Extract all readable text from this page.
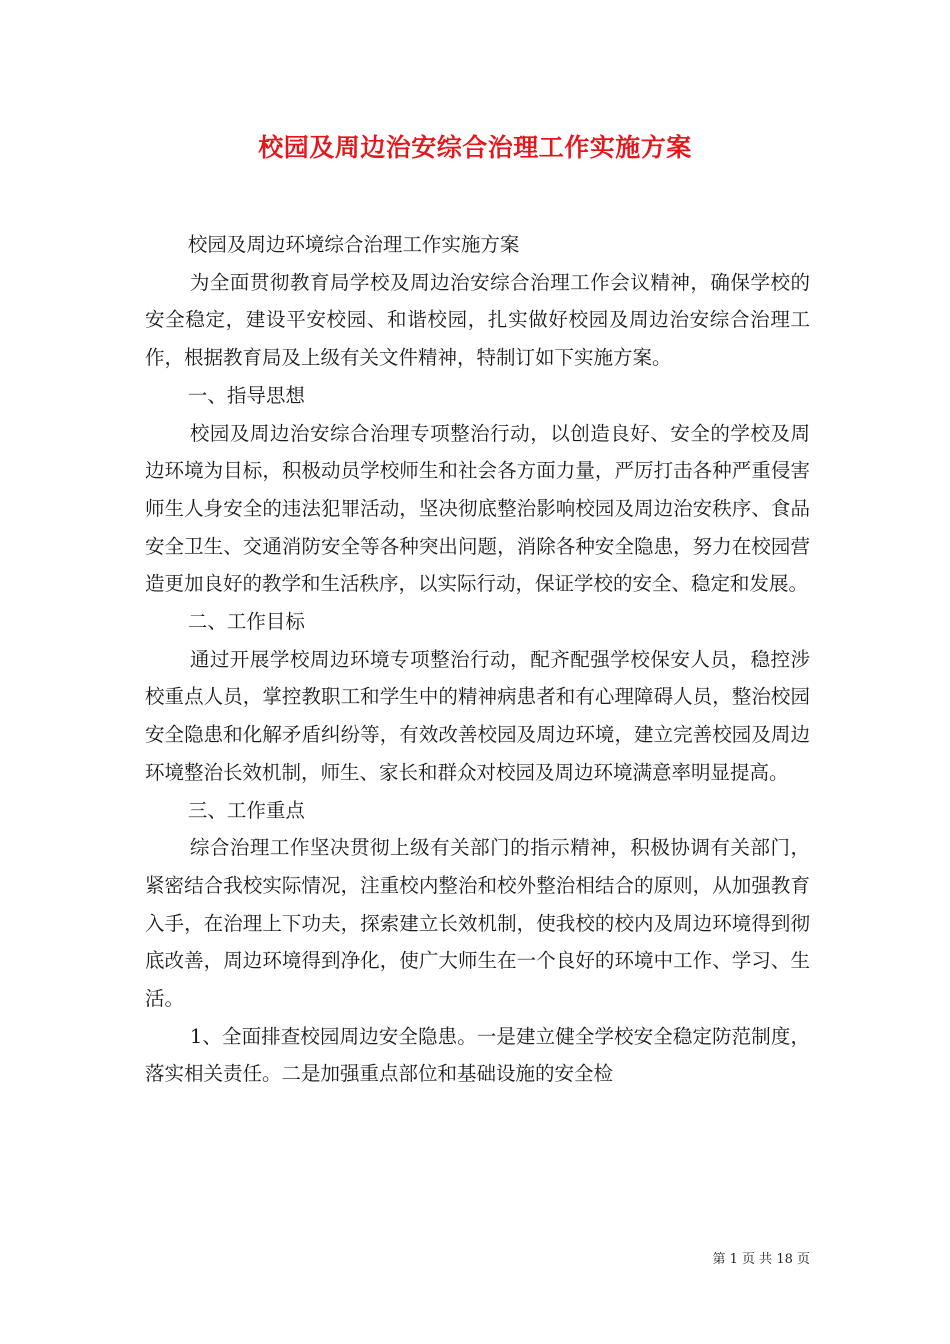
校园及周边治安综合治理工作实施方案

校园及周边环境综合治理工作实施方案

为全面贯彻教育局学校及周边治安综合治理工作会议精神，确保学校的安全稳定，建设平安校园、和谐校园，扎实做好校园及周边治安综合治理工作，根据教育局及上级有关文件精神，特制订如下实施方案。

一、指导思想

校园及周边治安综合治理专项整治行动，以创造良好、安全的学校及周边环境为目标，积极动员学校师生和社会各方面力量，严厉打击各种严重侵害师生人身安全的违法犯罪活动，坚决彻底整治影响校园及周边治安秩序、食品安全卫生、交通消防安全等各种突出问题，消除各种安全隐患，努力在校园营造更加良好的教学和生活秩序，以实际行动，保证学校的安全、稳定和发展。

二、工作目标

通过开展学校周边环境专项整治行动，配齐配强学校保安人员，稳控涉校重点人员，掌控教职工和学生中的精神病患者和有心理障碍人员，整治校园安全隐患和化解矛盾纠纷等，有效改善校园及周边环境，建立完善校园及周边环境整治长效机制，师生、家长和群众对校园及周边环境满意率明显提高。

三、工作重点

综合治理工作坚决贯彻上级有关部门的指示精神，积极协调有关部门，紧密结合我校实际情况，注重校内整治和校外整治相结合的原则，从加强教育入手，在治理上下功夫，探索建立长效机制，使我校的校内及周边环境得到彻底改善，周边环境得到净化，使广大师生在一个良好的环境中工作、学习、生活。

1、全面排查校园周边安全隐患。一是建立健全学校安全稳定防范制度，落实相关责任。二是加强重点部位和基础设施的安全检

第 1 页 共 18 页
